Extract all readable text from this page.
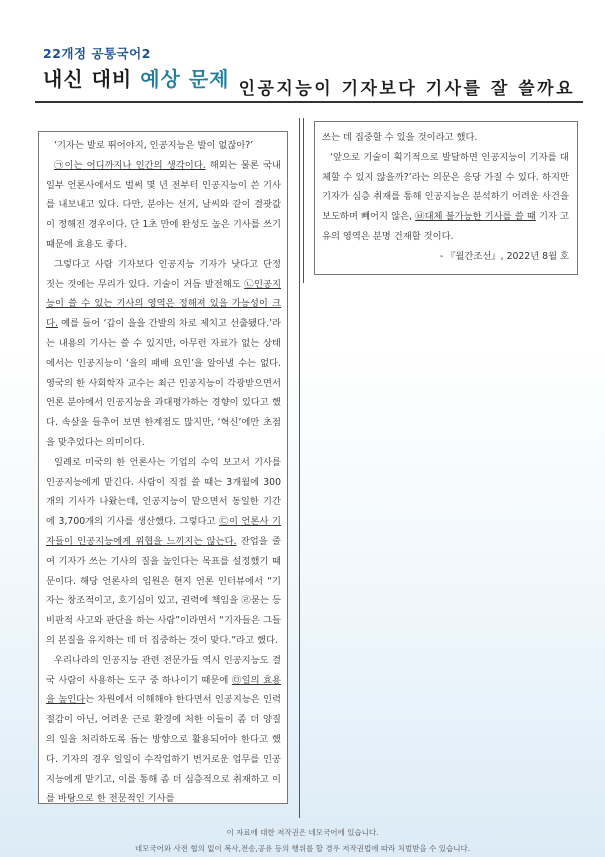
22개정 공통국어2
내신 대비 예상 문제 인공지능이 기자보다 기사를 잘 쓸까요

‘기자는 발로 뛰어야지, 인공지능은 발이 없잖아?’

㉠이는 어디까지나 인간의 생각이다. 해외는 물론 국내 일부 언론사에서도 벌써 몇 년 전부터 인공지능이 쓴 기사를 내보내고 있다. 다만, 분야는 선거, 날씨와 같이 결괏값이 정해진 경우이다. 단 1초 만에 완성도 높은 기사를 쓰기 때문에 효용도 좋다.

그렇다고 사람 기자보다 인공지능 기자가 낫다고 단정 짓는 것에는 무리가 있다. 기술이 거듭 발전해도 ㉡인공지능이 쓸 수 있는 기사의 영역은 정해져 있을 가능성이 크다. 예를 들어 ‘갑이 을을 간발의 차로 제치고 선출됐다.’라는 내용의 기사는 쓸 수 있지만, 아무런 자료가 없는 상태에서는 인공지능이 ‘을의 패배 요인’을 알아낼 수는 없다. 영국의 한 사회학자 교수는 최근 인공지능이 각광받으면서 언론 분야에서 인공지능을 과대평가하는 경향이 있다고 했다. 속살을 들추어 보면 한계점도 많지만, ‘혁신’에만 초점을 맞추었다는 의미이다.

일례로 미국의 한 언론사는 기업의 수익 보고서 기사를 인공지능에게 맡긴다. 사람이 직접 쓸 때는 3개월에 300개의 기사가 나왔는데, 인공지능이 맡으면서 동일한 기간에 3,700개의 기사를 생산했다. 그렇다고 ㉢이 언론사 기자들이 인공지능에게 위협을 느끼지는 않는다. 잔업을 줄여 기자가 쓰는 기사의 질을 높인다는 목표를 설정했기 때문이다. 해당 언론사의 임원은 현지 언론 인터뷰에서 “기자는 창조적이고, 호기심이 있고, 권력에 책임을 ㉣묻는 등 비판적 사고와 판단을 하는 사람”이라면서 “기자들은 그들의 본질을 유지하는 데 더 집중하는 것이 맞다.”라고 했다.

우리나라의 인공지능 관련 전문가들 역시 인공지능도 결국 사람이 사용하는 도구 중 하나이기 때문에 ㉤일의 효용을 높인다는 차원에서 이해해야 한다면서 인공지능은 인력 절감이 아닌, 어려운 근로 환경에 처한 이들이 좀 더 양질의 일을 처리하도록 돕는 방향으로 활용되어야 한다고 했다. 기자의 경우 일일이 수작업하기 번거로운 업무를 인공지능에게 맡기고, 이를 통해 좀 더 심층적으로 취재하고 이를 바탕으로 한 전문적인 기사를

쓰는 데 집중할 수 있을 것이라고 했다.

‘앞으로 기술이 획기적으로 발달하면 인공지능이 기자를 대체할 수 있지 않을까?’라는 의문은 응당 가질 수 있다. 하지만 기자가 심층 취재를 통해 인공지능은 분석하기 어려운 사건을 보도하며 빼어지 않은, ㉥대체 불가능한 기사를 쓸 때 기자 고유의 영역은 분명 건재할 것이다.

- 『월간조선』, 2022년 8월 호

이 자료에 대한 저작권은 네모국어에 있습니다.
네모국어와 사전 협의 없이 복사,전송,공유 등의 행위를 할 경우 저작권법에 따라 처벌받을 수 있습니다.
